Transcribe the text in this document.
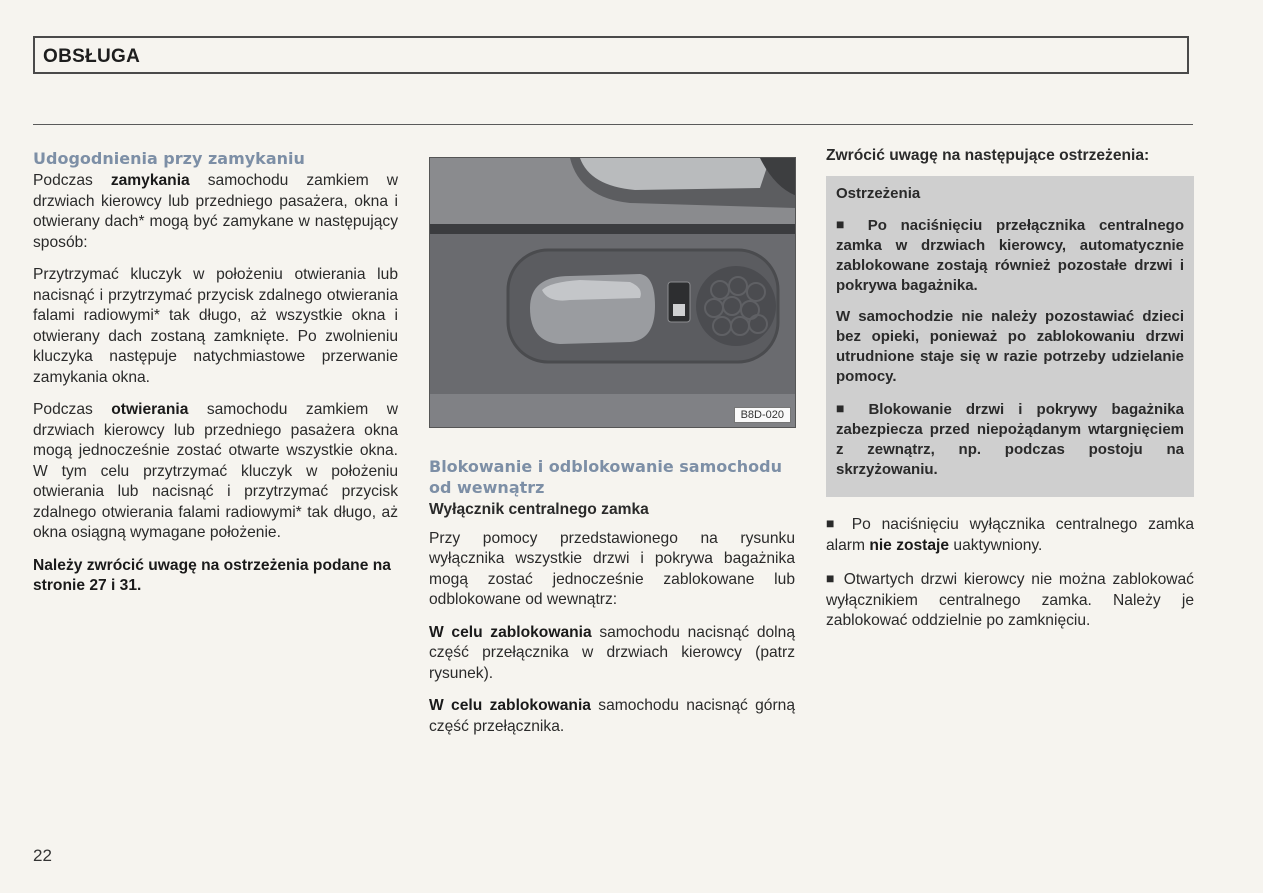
OBSŁUGA
Udogodnienia przy zamykaniu

Podczas zamykania samochodu zamkiem w drzwiach kierowcy lub przedniego pasażera, okna i otwierany dach* mogą być zamykane w następujący sposób:

Przytrzymać kluczyk w położeniu otwierania lub nacisnąć i przytrzymać przycisk zdalnego otwierania falami radiowymi* tak długo, aż wszystkie okna i otwierany dach zostaną zamknięte. Po zwolnieniu kluczyka następuje natychmiastowe przerwanie zamykania okna.

Podczas otwierania samochodu zamkiem w drzwiach kierowcy lub przedniego pasażera okna mogą jednocześnie zostać otwarte wszystkie okna. W tym celu przytrzymać kluczyk w położeniu otwierania lub nacisnąć i przytrzymać przycisk zdalnego otwierania falami radiowymi* tak długo, aż okna osiągną wymagane położenie.

Należy zwrócić uwagę na ostrzeżenia podane na stronie 27 i 31.

B8D-020
Blokowanie i odblokowanie samochodu od wewnątrz
Wyłącznik centralnego zamka

Przy pomocy przedstawionego na rysunku wyłącznika wszystkie drzwi i pokrywa bagażnika mogą zostać jednocześnie zablokowane lub odblokowane od wewnątrz:

W celu zablokowania samochodu nacisnąć dolną część przełącznika w drzwiach kierowcy (patrz rysunek).

W celu zablokowania samochodu nacisnąć górną część przełącznika.

Zwrócić uwagę na następujące ostrzeżenia:
Ostrzeżenia

■ Po naciśnięciu przełącznika centralnego zamka w drzwiach kierowcy, automatycznie zablokowane zostają również pozostałe drzwi i pokrywa bagażnika.

W samochodzie nie należy pozostawiać dzieci bez opieki, ponieważ po zablokowaniu drzwi utrudnione staje się w razie potrzeby udzielanie pomocy.

■ Blokowanie drzwi i pokrywy bagażnika zabezpiecza przed niepożądanym wtargnięciem z zewnątrz, np. podczas postoju na skrzyżowaniu.

■ Po naciśnięciu wyłącznika centralnego zamka alarm nie zostaje uaktywniony.

■ Otwartych drzwi kierowcy nie można zablokować wyłącznikiem centralnego zamka. Należy je zablokować oddzielnie po zamknięciu.

22
